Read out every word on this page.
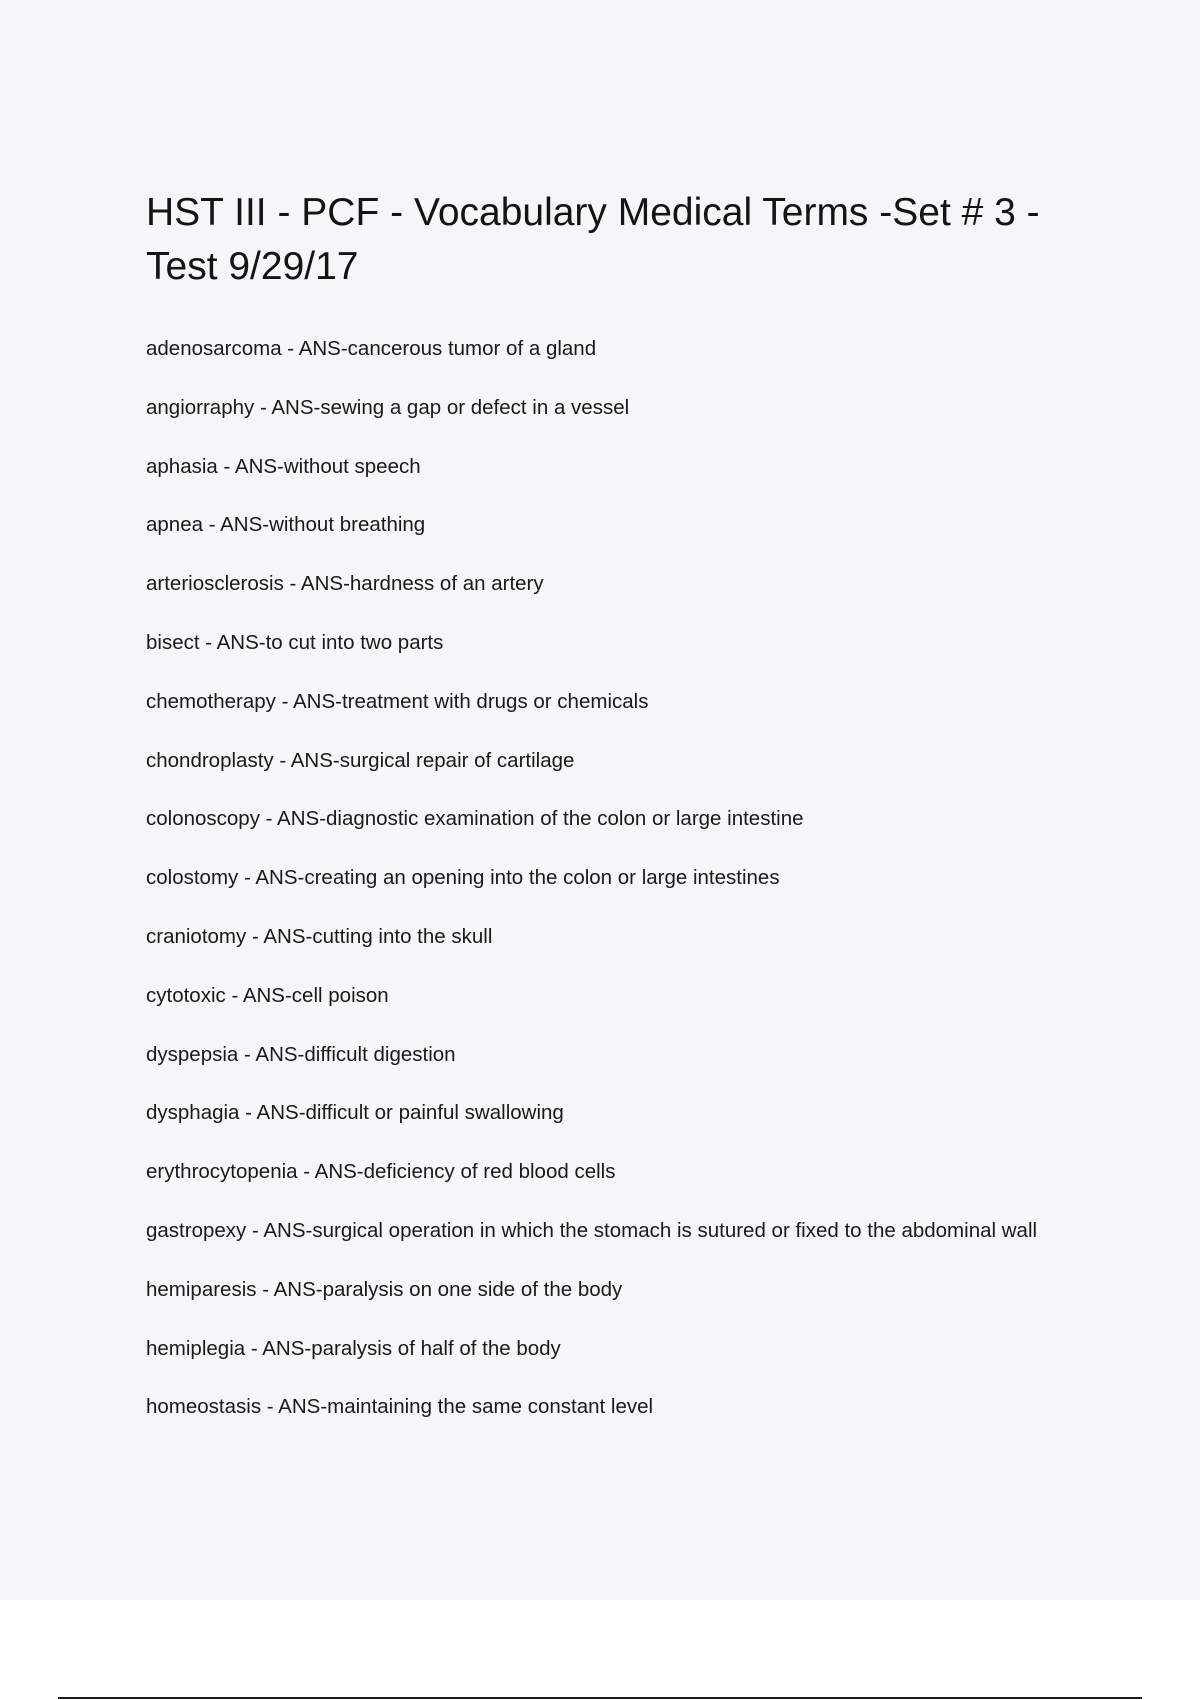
HST III - PCF - Vocabulary Medical Terms -Set # 3 - Test 9/29/17
adenosarcoma - ANS-cancerous tumor of a gland
angiorraphy - ANS-sewing a gap or defect in a vessel
aphasia - ANS-without speech
apnea - ANS-without breathing
arteriosclerosis - ANS-hardness of an artery
bisect - ANS-to cut into two parts
chemotherapy - ANS-treatment with drugs or chemicals
chondroplasty - ANS-surgical repair of cartilage
colonoscopy - ANS-diagnostic examination of the colon or large intestine
colostomy - ANS-creating an opening into the colon or large intestines
craniotomy - ANS-cutting into the skull
cytotoxic - ANS-cell poison
dyspepsia - ANS-difficult digestion
dysphagia - ANS-difficult or painful swallowing
erythrocytopenia - ANS-deficiency of red blood cells
gastropexy - ANS-surgical operation in which the stomach is sutured or fixed to the abdominal wall
hemiparesis - ANS-paralysis on one side of the body
hemiplegia - ANS-paralysis of half of the body
homeostasis - ANS-maintaining the same constant level
